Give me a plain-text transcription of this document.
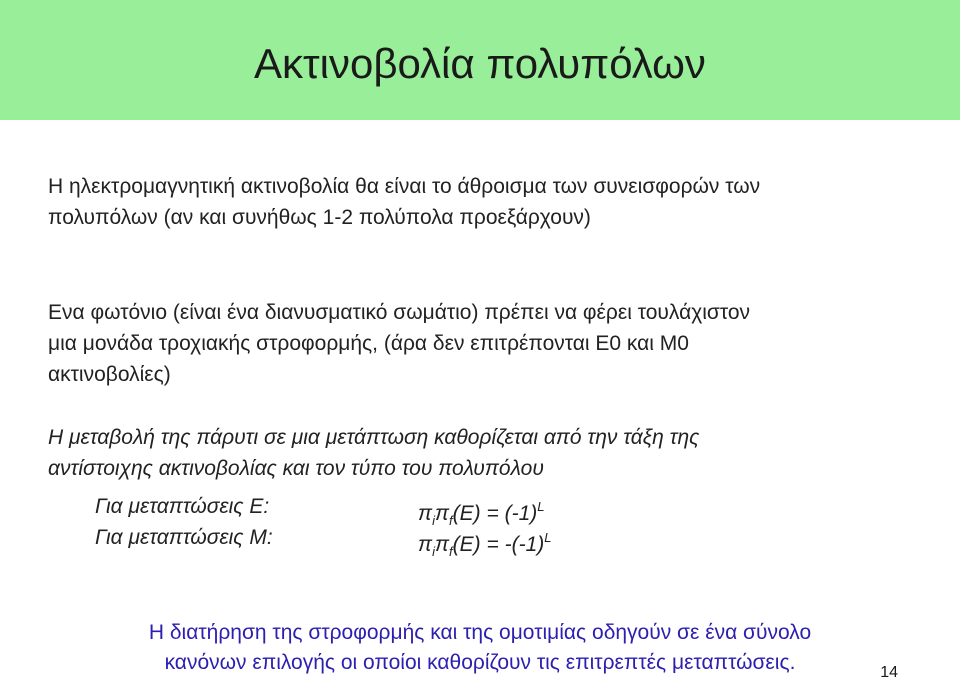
Ακτινοβολία πολυπόλων
Η ηλεκτρομαγνητική ακτινοβολία θα είναι το άθροισμα των συνεισφορών των
πολυπόλων (αν και συνήθως 1-2 πολύπολα προεξάρχουν)
Ενα φωτόνιο (είναι ένα διανυσματικό σωμάτιο) πρέπει να φέρει τουλάχιστον
μια μονάδα τροχιακής στροφορμής, (άρα δεν επιτρέπονται Ε0 και Μ0
ακτινοβολίες)
Η μεταβολή της πάρυτι σε μια μετάπτωση καθορίζεται από την τάξη της
αντίστοιχης ακτινοβολίας και τον τύπο του πολυπόλου
Για μεταπτώσεις Ε:	$\pi_i\pi_f(E) = (-1)^L$
Για μεταπτώσεις Μ:	$\pi_i\pi_f(E) = -(-1)^L$
Η διατήρηση της στροφορμής και της ομοτιμίας οδηγούν σε ένα σύνολο
κανόνων επιλογής οι οποίοι καθορίζουν τις επιτρεπτές μεταπτώσεις.	14
